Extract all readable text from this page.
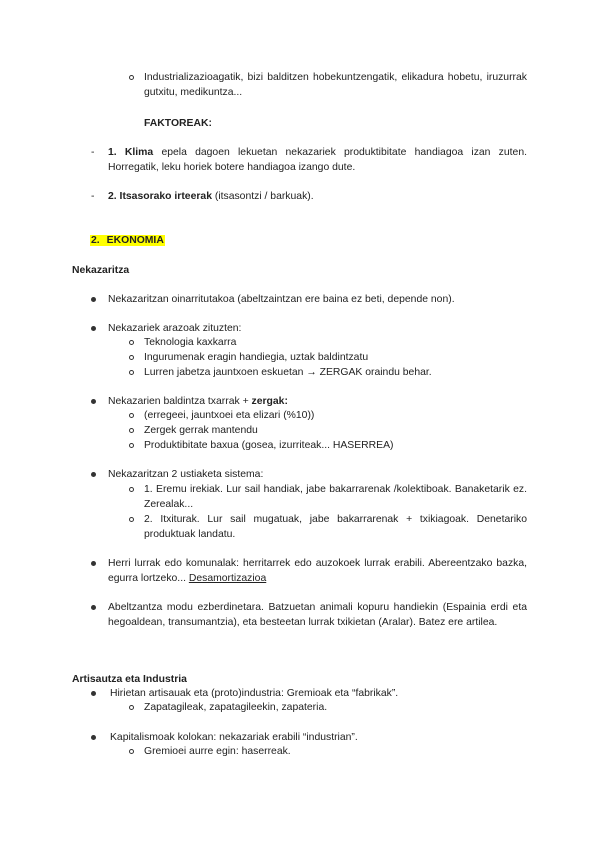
Industrializazioagatik, bizi balditzen hobekuntzengatik, elikadura hobetu, iruzurrak gutxitu, medikuntza...
FAKTOREAK:
- 1. Klima epela dagoen lekuetan nekazariek produktibitate handiagoa izan zuten. Horregatik, leku horiek botere handiagoa izango dute.
- 2. Itsasorako irteerak (itsasontzi / barkuak).
2. EKONOMIA
Nekazaritza
Nekazaritzan oinarritutakoa (abeltzaintzan ere baina ez beti, depende non).
Nekazariek arazoak zituzten:
Teknologia kaxkarra
Ingurumenak eragin handiegia, uztak baldintzatu
Lurren jabetza jauntxoen eskuetan → ZERGAK oraindu behar.
Nekazarien baldintza txarrak + zergak:
(erregeei, jauntxoei eta elizari (%10))
Zergek gerrak mantendu
Produktibitate baxua (gosea, izurriteak... HASERREA)
Nekazaritzan 2 ustiaketa sistema:
1. Eremu irekiak. Lur sail handiak, jabe bakarrarenak /kolektiboak. Banaketarik ez. Zerealak...
2. Itxiturak. Lur sail mugatuak, jabe bakarrarenak + txikiagoak. Denetariko produktuak landatu.
Herri lurrak edo komunalak: herritarrek edo auzokoek lurrak erabili. Abereentzako bazka, egurra lortzeko... Desamortizazioa
Abeltzantza modu ezberdinetara. Batzuetan animali kopuru handiekin (Espainia erdi eta hegoaldean, transumantzia), eta besteetan lurrak txikietan (Aralar). Batez ere artilea.
Artisautza eta Industria
Hirietan artisauak eta (proto)industria: Gremioak eta “fabrikak”.
Zapatagileak, zapatagileekin, zapateria.
Kapitalismoak kolokan: nekazariak erabili “industrian”.
Gremioei aurre egin: haserreak.
